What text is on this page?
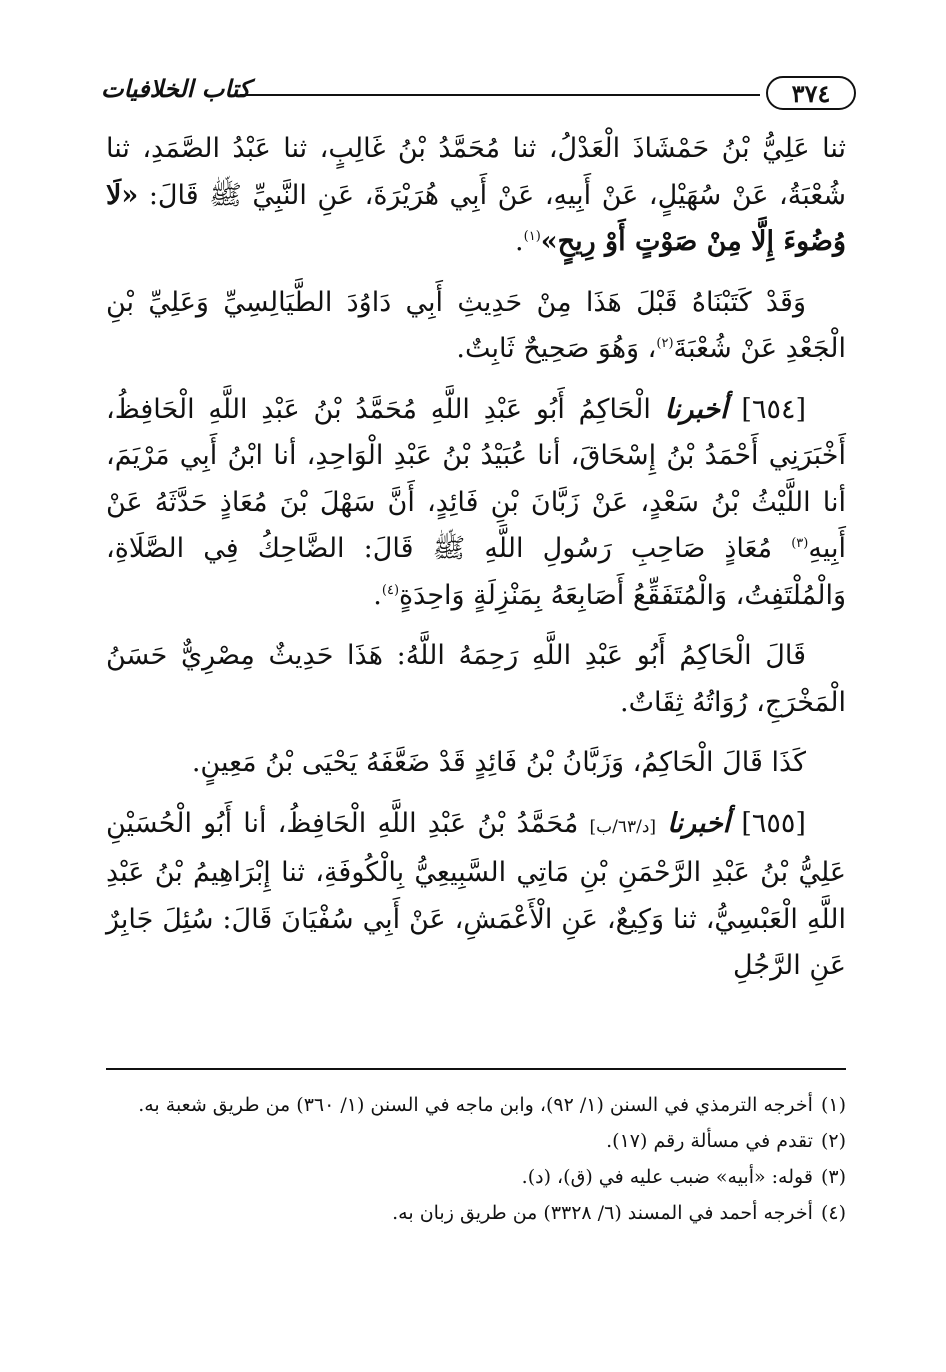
٣٧٤
كتاب الخلافيات

ثنا عَلِيُّ بْنُ حَمْشَاذَ الْعَدْلُ، ثنا مُحَمَّدُ بْنُ غَالِبٍ، ثنا عَبْدُ الصَّمَدِ، ثنا شُعْبَةُ، عَنْ سُهَيْلٍ، عَنْ أَبِيهِ، عَنْ أَبِي هُرَيْرَةَ، عَنِ النَّبِيِّ ﷺ قَالَ: «لَا وُضُوءَ إِلَّا مِنْ صَوْتٍ أَوْ رِيحٍ»$^{(١)}$.

وَقَدْ كَتَبْنَاهُ قَبْلَ هَذَا مِنْ حَدِيثِ أَبِي دَاوُدَ الطَّيَالِسِيِّ وَعَلِيِّ بْنِ الْجَعْدِ عَنْ شُعْبَةَ$^{(٢)}$، وَهُوَ صَحِيحٌ ثَابِتٌ.

[٦٥٤] أخبرنا الْحَاكِمُ أَبُو عَبْدِ اللَّهِ مُحَمَّدُ بْنُ عَبْدِ اللَّهِ الْحَافِظُ، أَخْبَرَنِي أَحْمَدُ بْنُ إِسْحَاقَ، أنا عُبَيْدُ بْنُ عَبْدِ الْوَاحِدِ، أنا ابْنُ أَبِي مَرْيَمَ، أنا اللَّيْثُ بْنُ سَعْدٍ، عَنْ زَبَّانَ بْنِ فَائِدٍ، أَنَّ سَهْلَ بْنَ مُعَاذٍ حَدَّثَهُ عَنْ أَبِيهِ$^{(٣)}$ مُعَاذٍ صَاحِبِ رَسُولِ اللَّهِ ﷺ قَالَ: الضَّاحِكُ فِي الصَّلَاةِ، وَالْمُلْتَفِتُ، وَالْمُتَفَقِّعُ أَصَابِعَهُ بِمَنْزِلَةٍ وَاحِدَةٍ$^{(٤)}$.

قَالَ الْحَاكِمُ أَبُو عَبْدِ اللَّهِ رَحِمَهُ اللَّهُ: هَذَا حَدِيثٌ مِصْرِيٌّ حَسَنُ الْمَخْرَجِ، رُوَاتُهُ ثِقَاتٌ.

كَذَا قَالَ الْحَاكِمُ، وَزَبَّانُ بْنُ فَائِدٍ قَدْ ضَعَّفَهُ يَحْيَى بْنُ مَعِينٍ.

[٦٥٥] أخبرنا [د/٦٣/ب] مُحَمَّدُ بْنُ عَبْدِ اللَّهِ الْحَافِظُ، أنا أَبُو الْحُسَيْنِ عَلِيُّ بْنُ عَبْدِ الرَّحْمَنِ بْنِ مَاتِي السَّبِيعِيُّ بِالْكُوفَةِ، ثنا إِبْرَاهِيمُ بْنُ عَبْدِ اللَّهِ الْعَبْسِيُّ، ثنا وَكِيعٌ، عَنِ الْأَعْمَشِ، عَنْ أَبِي سُفْيَانَ قَالَ: سُئِلَ جَابِرٌ عَنِ الرَّجُلِ

(١)أخرجه الترمذي في السنن (١/ ٩٢)، وابن ماجه في السنن (١/ ٣٦٠) من طريق شعبة به.

(٢)تقدم في مسألة رقم (١٧).

(٣)قوله: «أبيه» ضبب عليه في (ق)، (د).

(٤)أخرجه أحمد في المسند (٦/ ٣٣٢٨) من طريق زبان به.
